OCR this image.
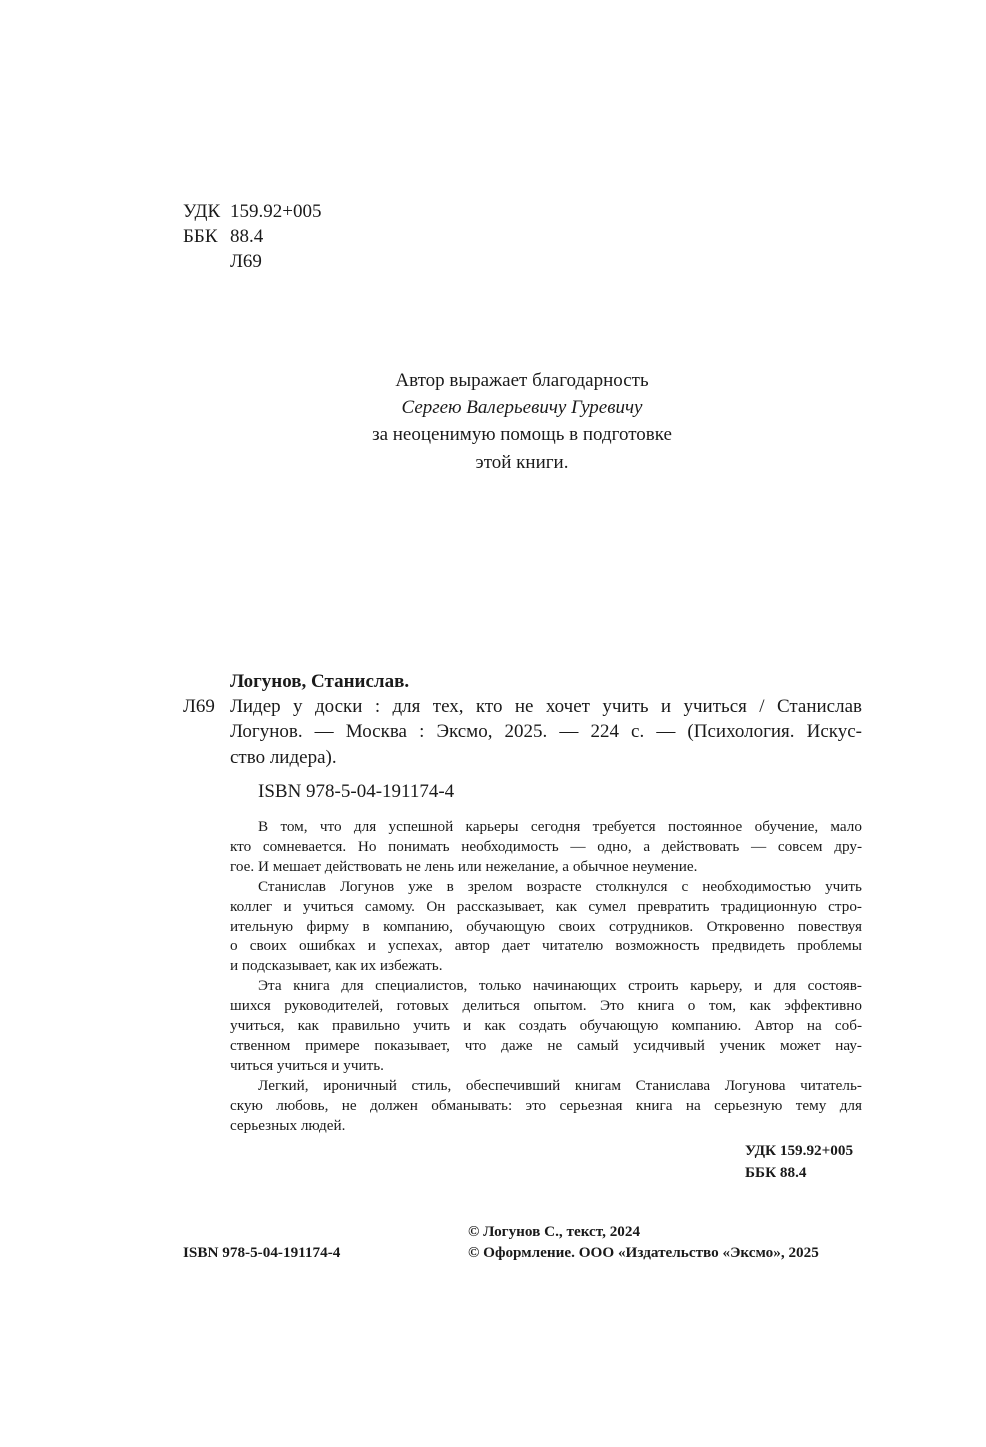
УДК 159.92+005
ББК 88.4
Л69
Автор выражает благодарность
Сергею Валерьевичу Гуревичу
за неоценимую помощь в подготовке
этой книги.
Логунов, Станислав.
Л69 Лидер у доски : для тех, кто не хочет учить и учиться / Станислав
Логунов. — Москва : Эксмо, 2025. — 224 с. — (Психология. Искус-
ство лидера).
ISBN 978-5-04-191174-4
В том, что для успешной карьеры сегодня требуется постоянное обучение, мало
кто сомневается. Но понимать необходимость — одно, а действовать — совсем дру-
гое. И мешает действовать не лень или нежелание, а обычное неумение.
Станислав Логунов уже в зрелом возрасте столкнулся с необходимостью учить
коллег и учиться самому. Он рассказывает, как сумел превратить традиционную стро-
ительную фирму в компанию, обучающую своих сотрудников. Откровенно повествуя
о своих ошибках и успехах, автор дает читателю возможность предвидеть проблемы
и подсказывает, как их избежать.
Эта книга для специалистов, только начинающих строить карьеру, и для состояв-
шихся руководителей, готовых делиться опытом. Это книга о том, как эффективно
учиться, как правильно учить и как создать обучающую компанию. Автор на соб-
ственном примере показывает, что даже не самый усидчивый ученик может нау-
читься учиться и учить.
Легкий, ироничный стиль, обеспечивший книгам Станислава Логунова читатель-
скую любовь, не должен обманывать: это серьезная книга на серьезную тему для
серьезных людей.
УДК 159.92+005
ББК 88.4
© Логунов С., текст, 2024
© Оформление. ООО «Издательство «Эксмо», 2025
ISBN 978-5-04-191174-4
